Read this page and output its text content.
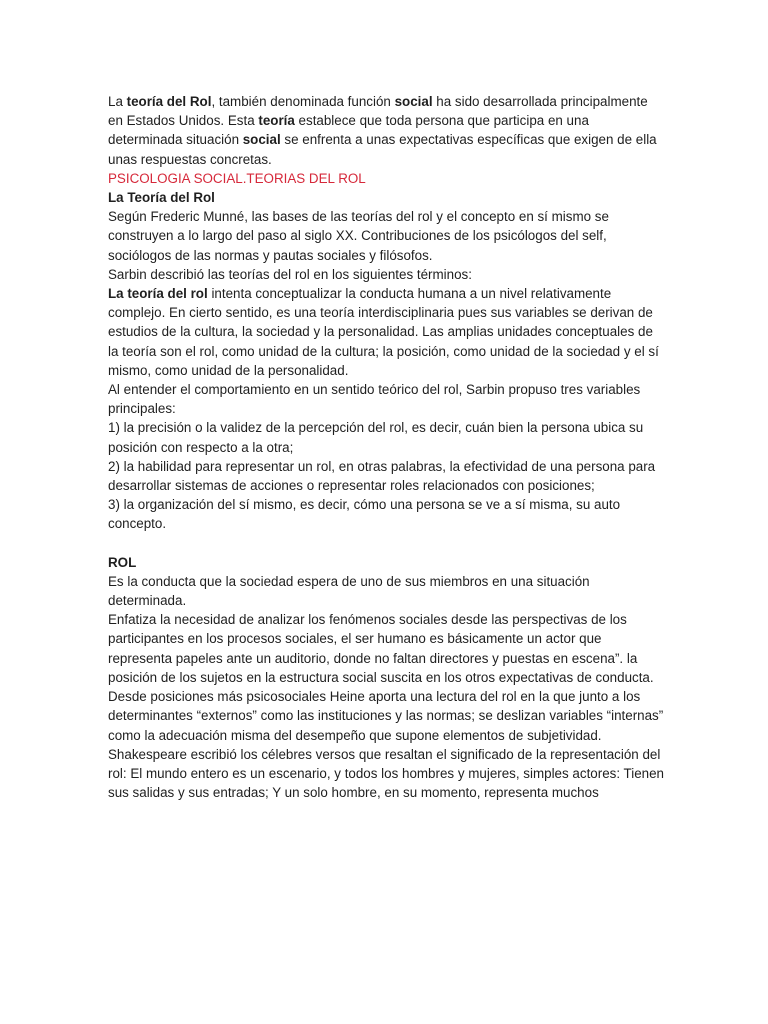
La teoría del Rol, también denominada función social ha sido desarrollada principalmente en Estados Unidos. Esta teoría establece que toda persona que participa en una determinada situación social se enfrenta a unas expectativas específicas que exigen de ella unas respuestas concretas.

PSICOLOGIA SOCIAL.TEORIAS DEL ROL

La Teoría del Rol

Según Frederic Munné, las bases de las teorías del rol y el concepto en sí mismo se construyen a lo largo del paso al siglo XX. Contribuciones de los psicólogos del self, sociólogos de las normas y pautas sociales y filósofos.

Sarbin describió las teorías del rol en los siguientes términos:

La teoría del rol intenta conceptualizar la conducta humana a un nivel relativamente complejo. En cierto sentido, es una teoría interdisciplinaria pues sus variables se derivan de estudios de la cultura, la sociedad y la personalidad. Las amplias unidades conceptuales de la teoría son el rol, como unidad de la cultura; la posición, como unidad de la sociedad y el sí mismo, como unidad de la personalidad.

Al entender el comportamiento en un sentido teórico del rol, Sarbin propuso tres variables principales:

1) la precisión o la validez de la percepción del rol, es decir, cuán bien la persona ubica su posición con respecto a la otra;

2) la habilidad para representar un rol, en otras palabras, la efectividad de una persona para desarrollar sistemas de acciones o representar roles relacionados con posiciones;

3) la organización del sí mismo, es decir, cómo una persona se ve a sí misma, su auto concepto.

ROL

Es la conducta que la sociedad espera de uno de sus miembros en una situación determinada.

Enfatiza la necesidad de analizar los fenómenos sociales desde las perspectivas de los participantes en los procesos sociales, el ser humano es básicamente un actor que representa papeles ante un auditorio, donde no faltan directores y puestas en escena”. la posición de los sujetos en la estructura social suscita en los otros expectativas de conducta.

Desde posiciones más psicosociales Heine aporta una lectura del rol en la que junto a los determinantes “externos” como las instituciones y las normas; se deslizan variables “internas” como la adecuación misma del desempeño que supone elementos de subjetividad.

Shakespeare escribió los célebres versos que resaltan el significado de la representación del rol: El mundo entero es un escenario, y todos los hombres y mujeres, simples actores: Tienen sus salidas y sus entradas; Y un solo hombre, en su momento, representa muchos
